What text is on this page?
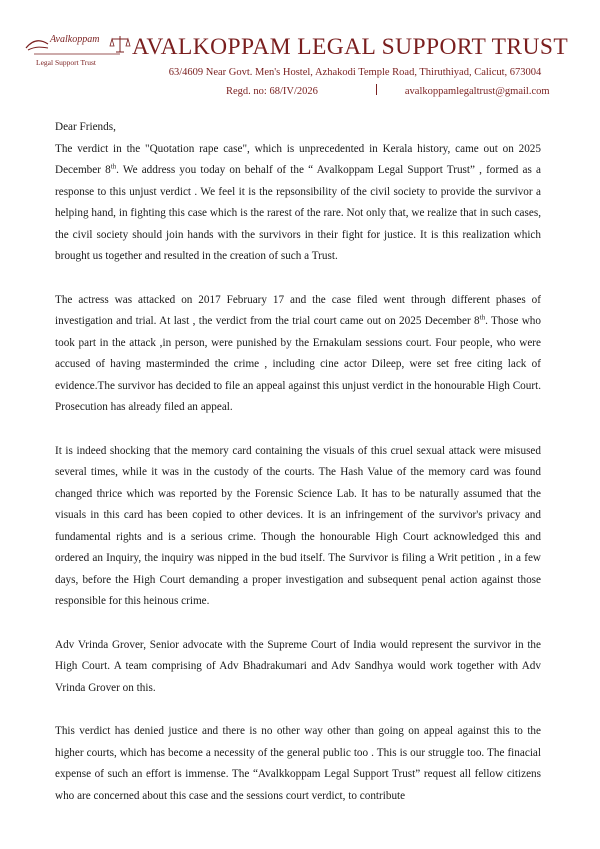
Avalkoppam
Legal Support Trust
AVALKOPPAM LEGAL SUPPORT TRUST
63/4609 Near Govt. Men's Hostel, Azhakodi Temple Road, Thiruthiyad, Calicut, 673004
Regd. no: 68/IV/2026	avalkoppamlegaltrust@gmail.com

Dear Friends,

The verdict in the "Quotation rape case", which is unprecedented in Kerala history, came out on 2025 December 8th. We address you today on behalf of the “ Avalkoppam Legal Support Trust” , formed as a response to this unjust verdict . We feel it is the repsonsibility of the civil society to provide the survivor a helping hand, in fighting this case which is the rarest of the rare. Not only that, we realize that in such cases, the civil society should join hands with the survivors in their fight for justice. It is this realization which brought us together and resulted in the creation of such a Trust.

The actress was attacked on 2017 February 17 and the case filed went through different phases of investigation and trial. At last , the verdict from the trial court came out on 2025 December 8th. Those who took part in the attack ,in person, were punished by the Ernakulam sessions court. Four people, who were accused of having masterminded the crime , including cine actor Dileep, were set free citing lack of evidence.The survivor has decided to file an appeal against this unjust verdict in the honourable High Court. Prosecution has already filed an appeal.

It is indeed shocking that the memory card containing the visuals of this cruel sexual attack were misused several times, while it was in the custody of the courts. The Hash Value of the memory card was found changed thrice which was reported by the Forensic Science Lab. It has to be naturally assumed that the visuals in this card has been copied to other devices. It is an infringement of the survivor's privacy and fundamental rights and is a serious crime. Though the honourable High Court acknowledged this and ordered an Inquiry, the inquiry was nipped in the bud itself. The Survivor is filing a Writ petition , in a few days, before the High Court demanding a proper investigation and subsequent penal action against those responsible for this heinous crime.

Adv Vrinda Grover, Senior advocate with the Supreme Court of India would represent the survivor in the High Court. A team comprising of Adv Bhadrakumari and Adv Sandhya would work together with Adv Vrinda Grover on this.

This verdict has denied justice and there is no other way other than going on appeal against this to the higher courts, which has become a necessity of the general public too . This is our struggle too. The finacial expense of such an effort is immense. The “Avalkkoppam Legal Support Trust” request all fellow citizens who are concerned about this case and the sessions court verdict, to contribute
